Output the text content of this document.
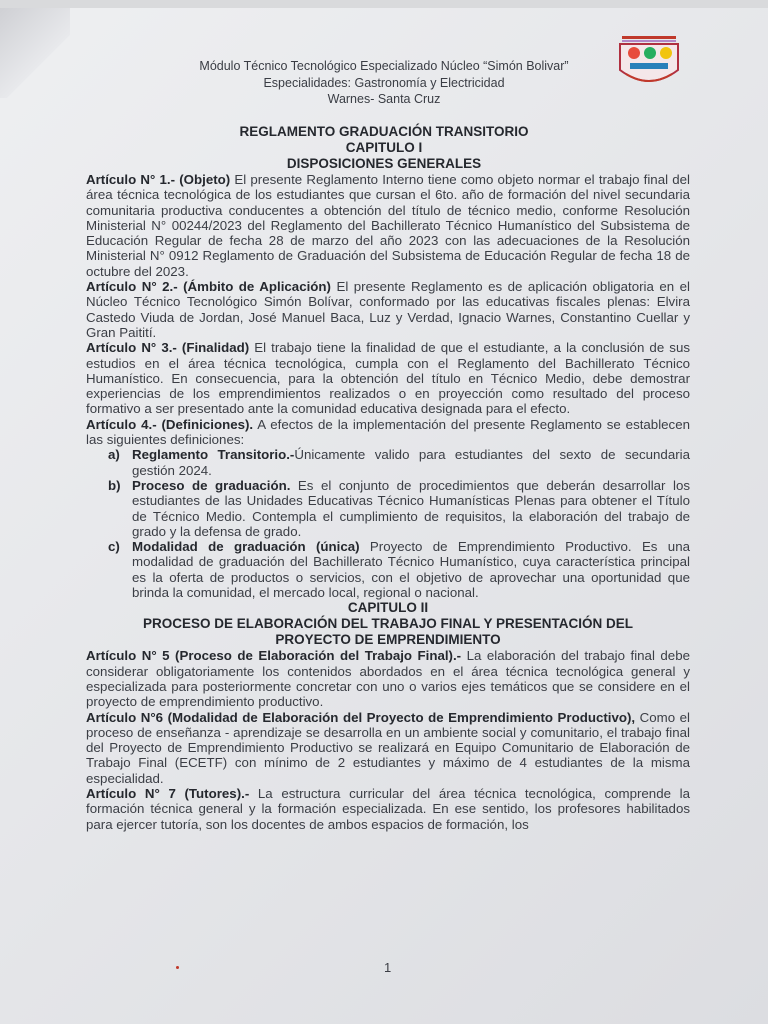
Módulo Técnico Tecnológico Especializado Núcleo “Simón Bolivar”
Especialidades: Gastronomía y Electricidad
Warnes- Santa Cruz
REGLAMENTO GRADUACIÓN TRANSITORIO
CAPITULO I
DISPOSICIONES GENERALES

Artículo N° 1.- (Objeto) El presente Reglamento Interno tiene como objeto normar el trabajo final del área técnica tecnológica de los estudiantes que cursan el 6to. año de formación del nivel secundaria comunitaria productiva conducentes a obtención del título de técnico medio, conforme Resolución Ministerial N° 00244/2023 del Reglamento del Bachillerato Técnico Humanístico del Subsistema de Educación Regular de fecha 28 de marzo del año 2023 con las adecuaciones de la Resolución Ministerial N° 0912 Reglamento de Graduación del Subsistema de Educación Regular de fecha 18 de octubre del 2023.

Artículo N° 2.- (Ámbito de Aplicación) El presente Reglamento es de aplicación obligatoria en el Núcleo Técnico Tecnológico Simón Bolívar, conformado por las educativas fiscales plenas: Elvira Castedo Viuda de Jordan, José Manuel Baca, Luz y Verdad, Ignacio Warnes, Constantino Cuellar y Gran Paitití.

Artículo N° 3.- (Finalidad) El trabajo tiene la finalidad de que el estudiante, a la conclusión de sus estudios en el área técnica tecnológica, cumpla con el Reglamento del Bachillerato Técnico Humanístico. En consecuencia, para la obtención del título en Técnico Medio, debe demostrar experiencias de los emprendimientos realizados o en proyección como resultado del proceso formativo a ser presentado ante la comunidad educativa designada para el efecto.

Artículo 4.- (Definiciones). A efectos de la implementación del presente Reglamento se establecen las siguientes definiciones:

a) Reglamento Transitorio.-Únicamente valido para estudiantes del sexto de secundaria gestión 2024.
b) Proceso de graduación. Es el conjunto de procedimientos que deberán desarrollar los estudiantes de las Unidades Educativas Técnico Humanísticas Plenas para obtener el Título de Técnico Medio. Contempla el cumplimiento de requisitos, la elaboración del trabajo de grado y la defensa de grado.
c) Modalidad de graduación (única) Proyecto de Emprendimiento Productivo. Es una modalidad de graduación del Bachillerato Técnico Humanístico, cuya característica principal es la oferta de productos o servicios, con el objetivo de aprovechar una oportunidad que brinda la comunidad, el mercado local, regional o nacional.
CAPITULO II
PROCESO DE ELABORACIÓN DEL TRABAJO FINAL Y PRESENTACIÓN DEL
PROYECTO DE EMPRENDIMIENTO

Artículo N° 5 (Proceso de Elaboración del Trabajo Final).- La elaboración del trabajo final debe considerar obligatoriamente los contenidos abordados en el área técnica tecnológica general y especializada para posteriormente concretar con uno o varios ejes temáticos que se considere en el proyecto de emprendimiento productivo.

Artículo N°6 (Modalidad de Elaboración del Proyecto de Emprendimiento Productivo), Como el proceso de enseñanza - aprendizaje se desarrolla en un ambiente social y comunitario, el trabajo final del Proyecto de Emprendimiento Productivo se realizará en Equipo Comunitario de Elaboración de Trabajo Final (ECETF) con mínimo de 2 estudiantes y máximo de 4 estudiantes de la misma especialidad.

Artículo N° 7 (Tutores).- La estructura curricular del área técnica tecnológica, comprende la formación técnica general y la formación especializada. En ese sentido, los profesores habilitados para ejercer tutoría, son los docentes de ambos espacios de formación, los

1
